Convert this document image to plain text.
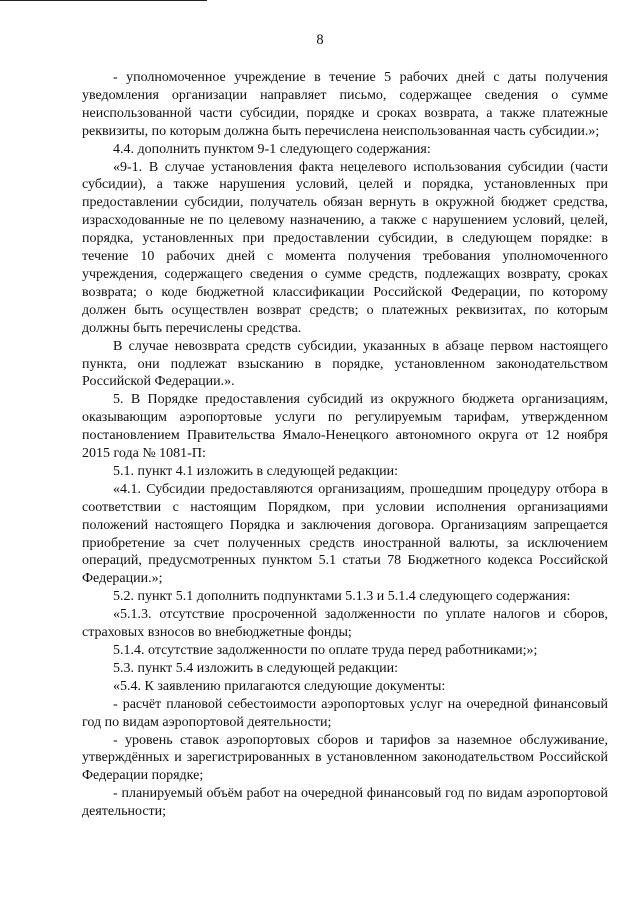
8

- уполномоченное учреждение в течение 5 рабочих дней с даты получения уведомления организации направляет письмо, содержащее сведения о сумме неиспользованной части субсидии, порядке и сроках возврата, а также платежные реквизиты, по которым должна быть перечислена неиспользованная часть субсидии.»;

4.4. дополнить пунктом 9-1 следующего содержания:

«9-1. В случае установления факта нецелевого использования субсидии (части субсидии), а также нарушения условий, целей и порядка, установленных при предоставлении субсидии, получатель обязан вернуть в окружной бюджет средства, израсходованные не по целевому назначению, а также с нарушением условий, целей, порядка, установленных при предоставлении субсидии, в следующем порядке: в течение 10 рабочих дней с момента получения требования уполномоченного учреждения, содержащего сведения о сумме средств, подлежащих возврату, сроках возврата; о коде бюджетной классификации Российской Федерации, по которому должен быть осуществлен возврат средств; о платежных реквизитах, по которым должны быть перечислены средства.

В случае невозврата средств субсидии, указанных в абзаце первом настоящего пункта, они подлежат взысканию в порядке, установленном законодательством Российской Федерации.».

5. В Порядке предоставления субсидий из окружного бюджета организациям, оказывающим аэропортовые услуги по регулируемым тарифам, утвержденном постановлением Правительства Ямало-Ненецкого автономного округа от 12 ноября 2015 года № 1081-П:

5.1. пункт 4.1 изложить в следующей редакции:

«4.1. Субсидии предоставляются организациям, прошедшим процедуру отбора в соответствии с настоящим Порядком, при условии исполнения организациями положений настоящего Порядка и заключения договора. Организациям запрещается приобретение за счет полученных средств иностранной валюты, за исключением операций, предусмотренных пунктом 5.1 статьи 78 Бюджетного кодекса Российской Федерации.»;

5.2. пункт 5.1 дополнить подпунктами 5.1.3 и 5.1.4 следующего содержания:

«5.1.3. отсутствие просроченной задолженности по уплате налогов и сборов, страховых взносов во внебюджетные фонды;

5.1.4. отсутствие задолженности по оплате труда перед работниками;»;

5.3. пункт 5.4 изложить в следующей редакции:

«5.4. К заявлению прилагаются следующие документы:

- расчёт плановой себестоимости аэропортовых услуг на очередной финансовый год по видам аэропортовой деятельности;

- уровень ставок аэропортовых сборов и тарифов за наземное обслуживание, утверждённых и зарегистрированных в установленном законодательством Российской Федерации порядке;

- планируемый объём работ на очередной финансовый год по видам аэропортовой деятельности;
